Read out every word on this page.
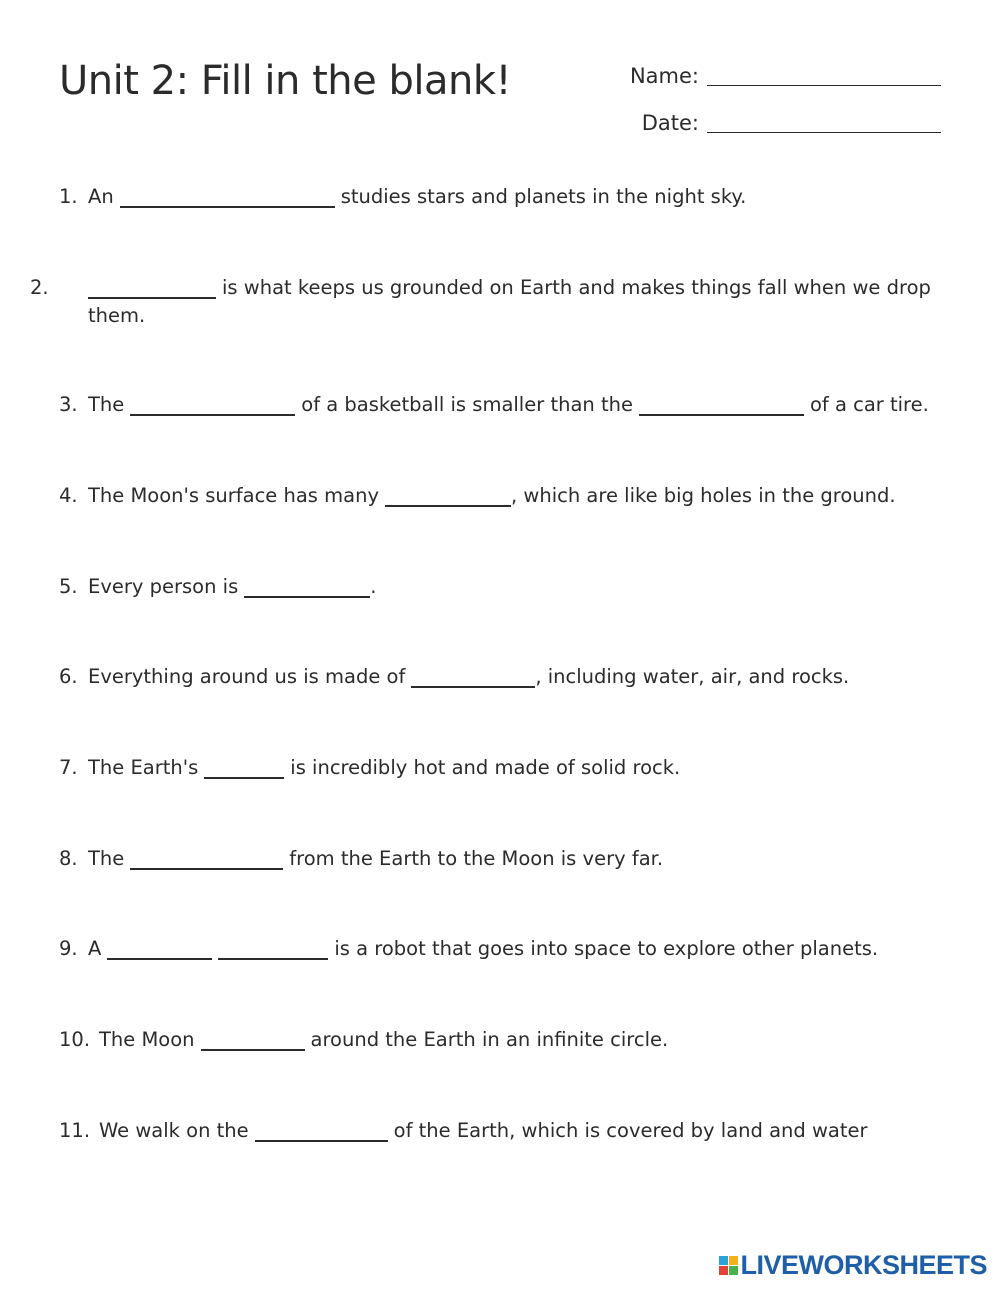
Unit 2: Fill in the blank!	Name:
Date:
1. An	studies stars and planets in the night sky.
2.	is what keeps us grounded on Earth and makes things fall when we drop them.
3. The	of a basketball is smaller than the	of a car tire.
4. The Moon's surface has many	, which are like big holes in the ground.
5. Every person is	.
6. Everything around us is made of	, including water, air, and rocks.
7. The Earth's	is incredibly hot and made of solid rock.
8. The	from the Earth to the Moon is very far.
9. A	is a robot that goes into space to explore other planets.
10. The Moon	around the Earth in an infinite circle.
11. We walk on the	of the Earth, which is covered by land and water
LIVEWORKSHEETS
